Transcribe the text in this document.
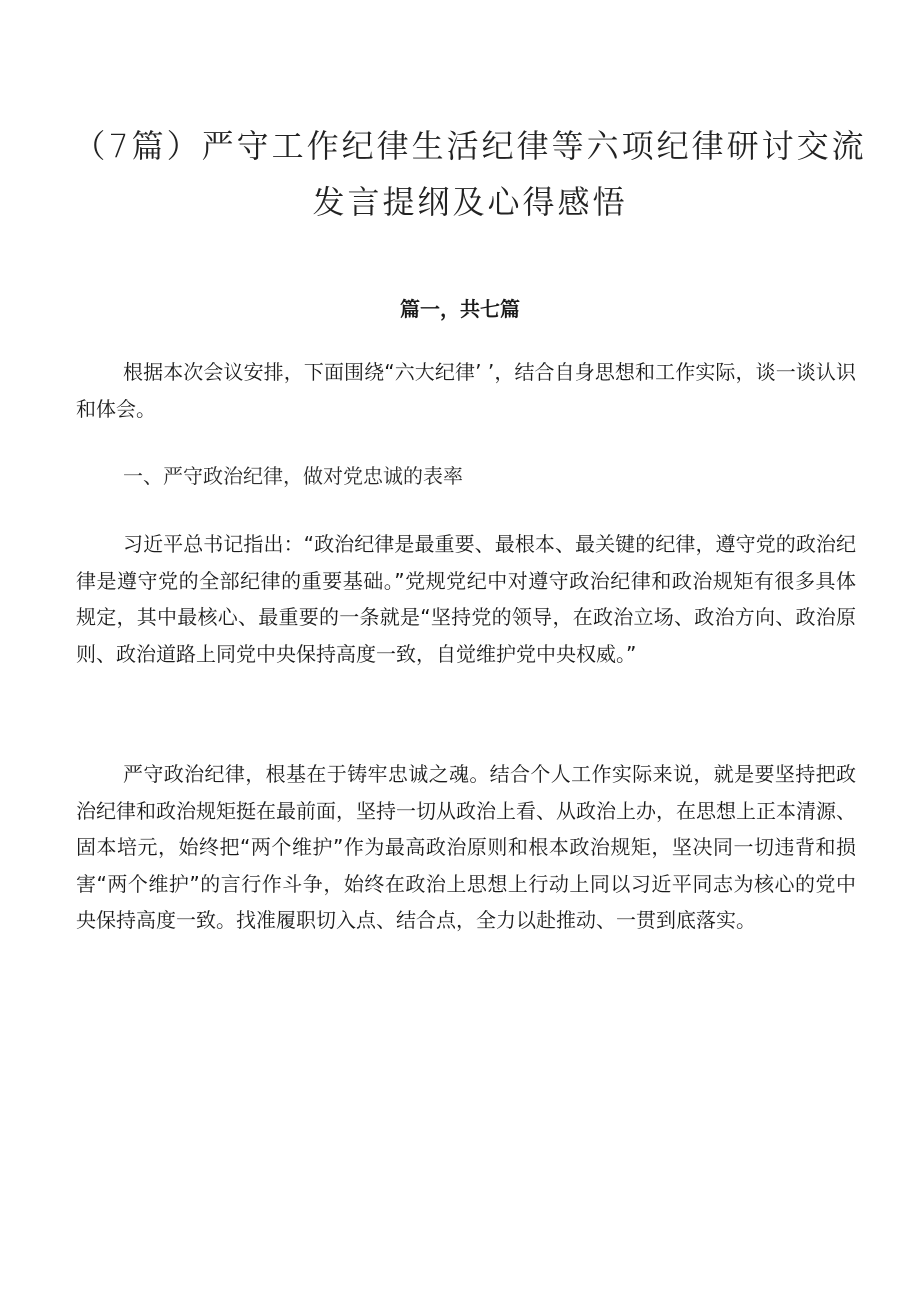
（7篇）严守工作纪律生活纪律等六项纪律研讨交流发言提纲及心得感悟
篇一，共七篇

根据本次会议安排，下面围绕“六大纪律’ ’，结合自身思想和工作实际，谈一谈认识和体会。

一、严守政治纪律，做对党忠诚的表率

习近平总书记指出：“政治纪律是最重要、最根本、最关键的纪律，遵守党的政治纪律是遵守党的全部纪律的重要基础。”党规党纪中对遵守政治纪律和政治规矩有很多具体规定，其中最核心、最重要的一条就是“坚持党的领导，在政治立场、政治方向、政治原则、政治道路上同党中央保持高度一致，自觉维护党中央权威。”

严守政治纪律，根基在于铸牢忠诚之魂。结合个人工作实际来说，就是要坚持把政治纪律和政治规矩挺在最前面，坚持一切从政治上看、从政治上办，在思想上正本清源、固本培元，始终把“两个维护”作为最高政治原则和根本政治规矩，坚决同一切违背和损害“两个维护”的言行作斗争，始终在政治上思想上行动上同以习近平同志为核心的党中央保持高度一致。找准履职切入点、结合点，全力以赴推动、一贯到底落实。
